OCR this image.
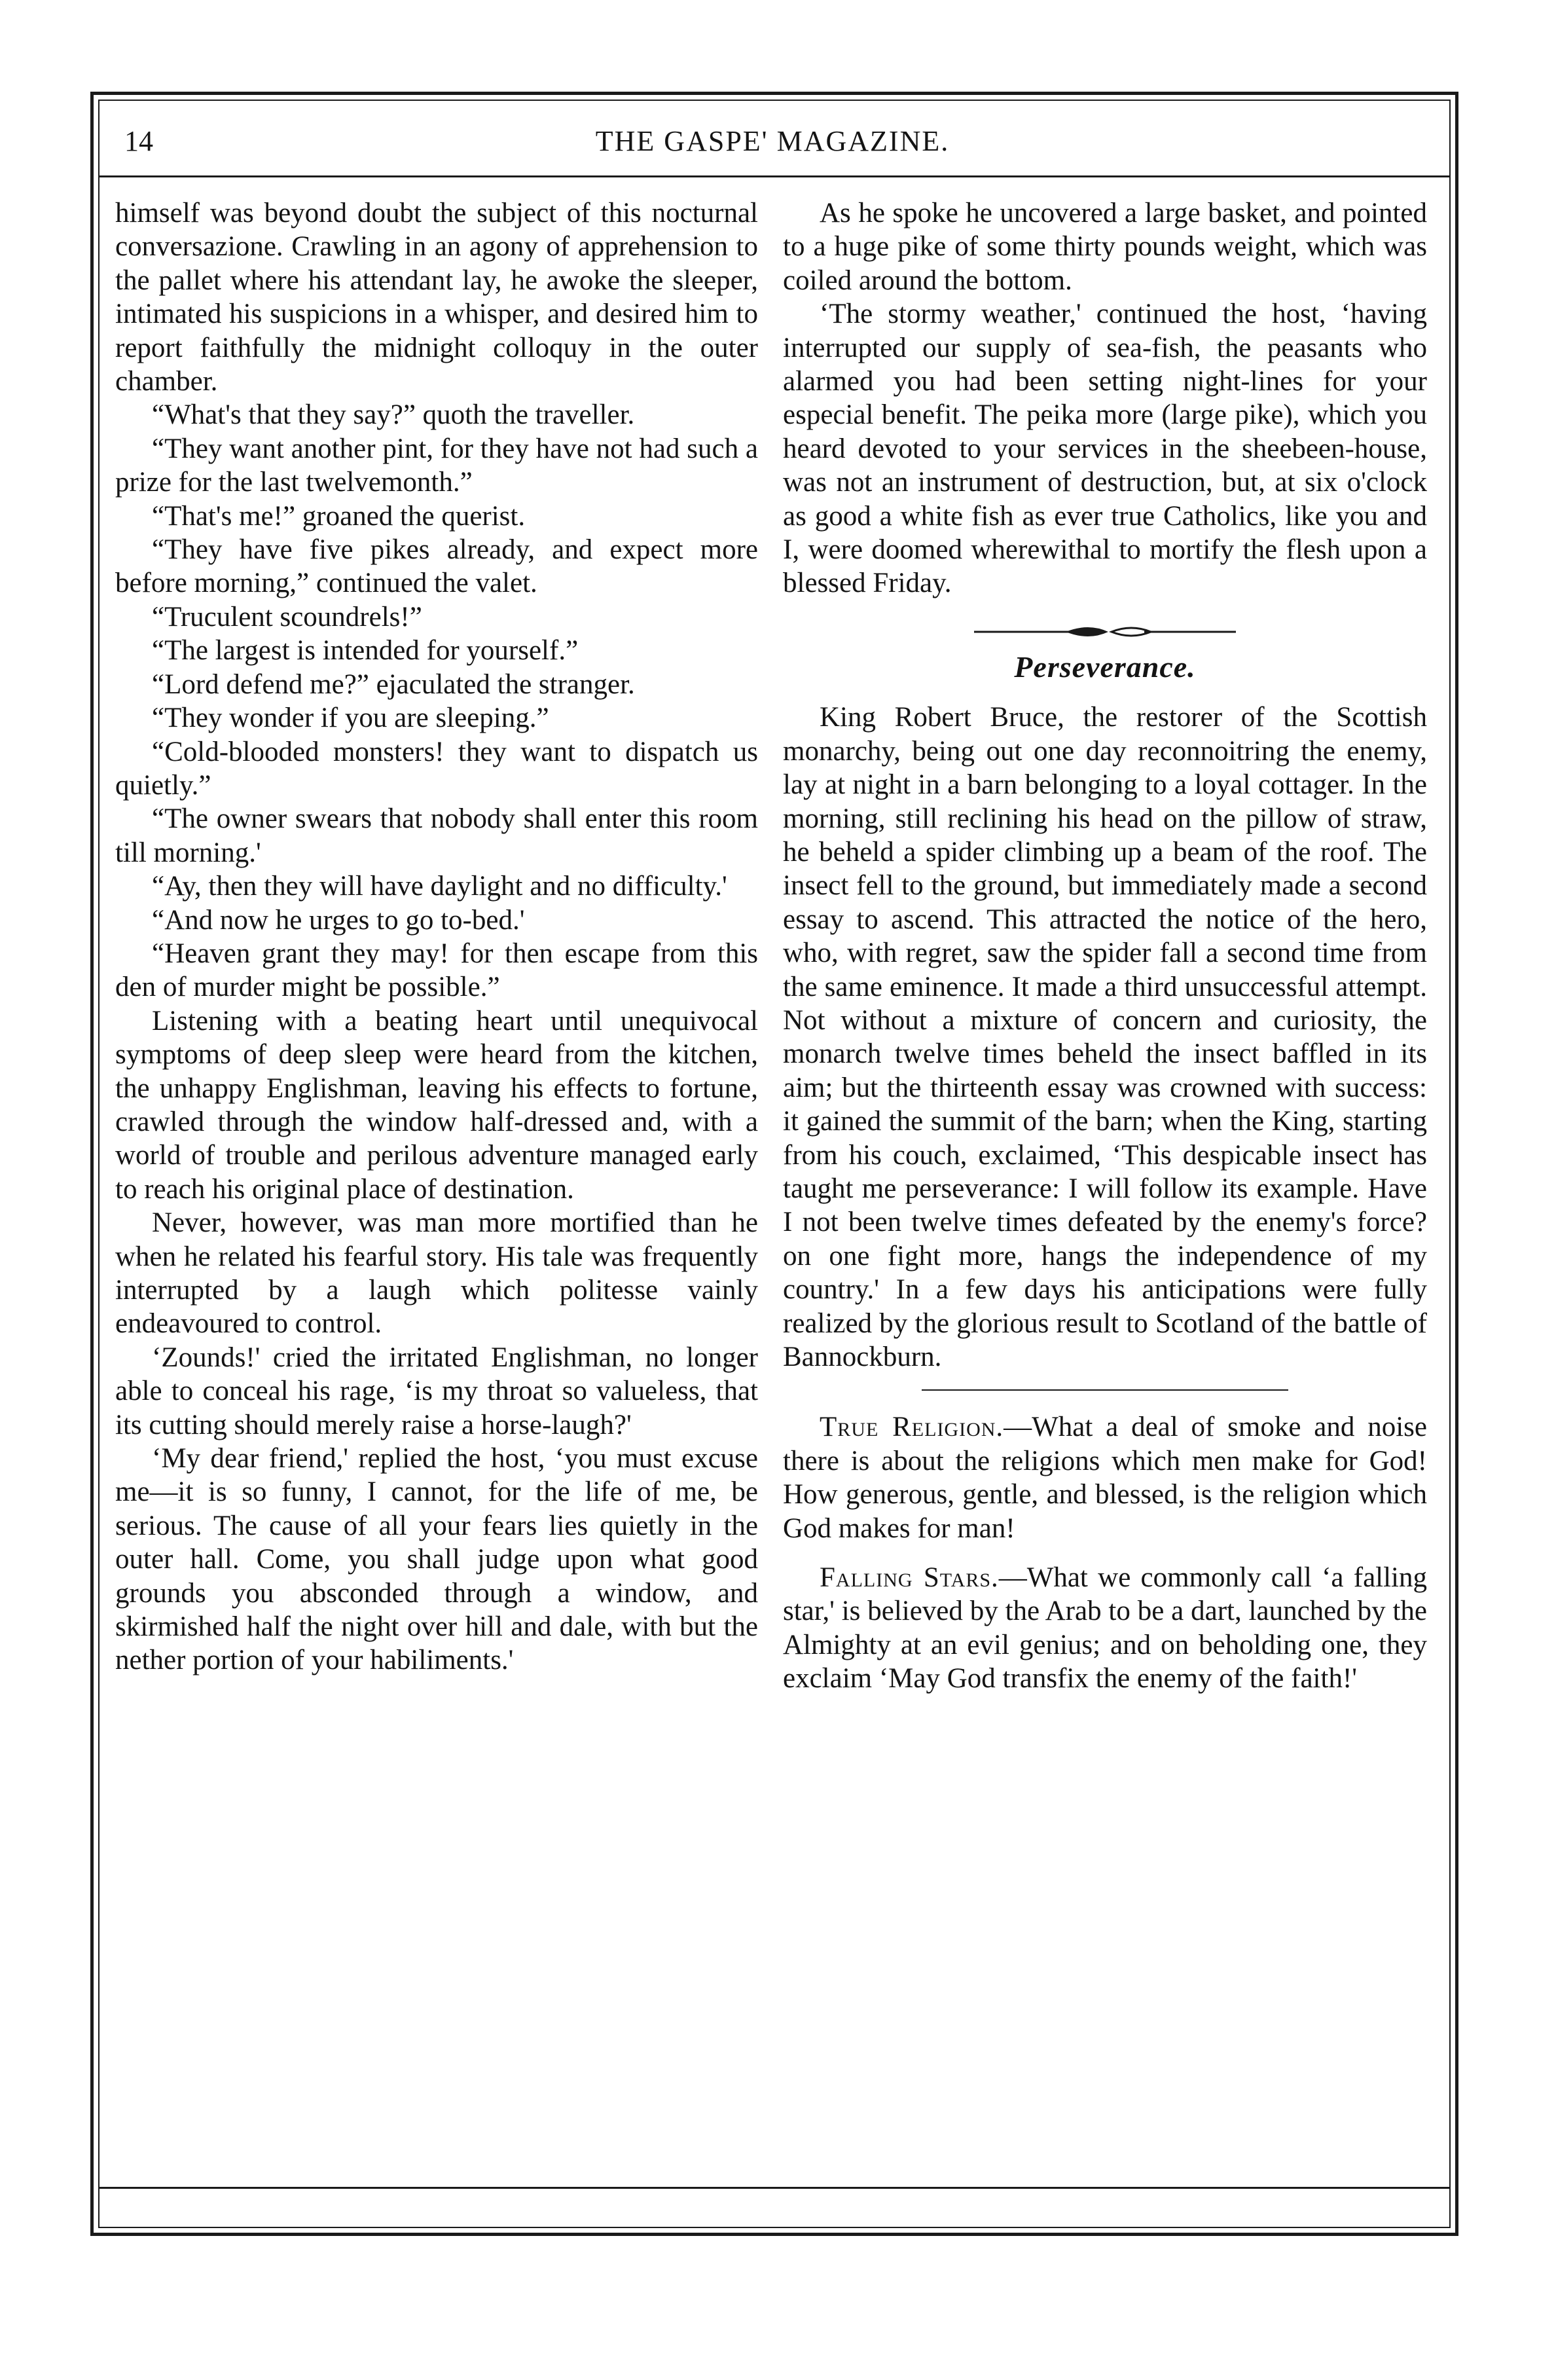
14	THE GASPE' MAGAZINE.

himself was beyond doubt the subject of this nocturnal conversazione. Crawling in an agony of apprehension to the pallet where his attendant lay, he awoke the sleeper, intimated his suspicions in a whisper, and desired him to report faithfully the midnight colloquy in the outer chamber.

“What's that they say?” quoth the traveller.

“They want another pint, for they have not had such a prize for the last twelvemonth.”

“That's me!” groaned the querist.

“They have five pikes already, and expect more before morning,” continued the valet.

“Truculent scoundrels!”

“The largest is intended for yourself.”

“Lord defend me?” ejaculated the stranger.

“They wonder if you are sleeping.”

“Cold-blooded monsters! they want to dispatch us quietly.”

“The owner swears that nobody shall enter this room till morning.'

“Ay, then they will have daylight and no difficulty.'

“And now he urges to go to-bed.'

“Heaven grant they may! for then escape from this den of murder might be possible.”

Listening with a beating heart until unequivocal symptoms of deep sleep were heard from the kitchen, the unhappy Englishman, leaving his effects to fortune, crawled through the window half-dressed and, with a world of trouble and perilous adventure managed early to reach his original place of destination.

Never, however, was man more mortified than he when he related his fearful story. His tale was frequently interrupted by a laugh which politesse vainly endeavoured to control.

‘Zounds!' cried the irritated Englishman, no longer able to conceal his rage, ‘is my throat so valueless, that its cutting should merely raise a horse-laugh?'

‘My dear friend,' replied the host, ‘you must excuse me—it is so funny, I cannot, for the life of me, be serious. The cause of all your fears lies quietly in the outer hall. Come, you shall judge upon what good grounds you absconded through a window, and skirmished half the night over hill and dale, with but the nether portion of your habiliments.'

As he spoke he uncovered a large basket, and pointed to a huge pike of some thirty pounds weight, which was coiled around the bottom.

‘The stormy weather,' continued the host, ‘having interrupted our supply of sea-fish, the peasants who alarmed you had been setting night-lines for your especial benefit. The peika more (large pike), which you heard devoted to your services in the sheebeen-house, was not an instrument of destruction, but, at six o'clock as good a white fish as ever true Catholics, like you and I, were doomed wherewithal to mortify the flesh upon a blessed Friday.

Perseverance.

King Robert Bruce, the restorer of the Scottish monarchy, being out one day reconnoitring the enemy, lay at night in a barn belonging to a loyal cottager. In the morning, still reclining his head on the pillow of straw, he beheld a spider climbing up a beam of the roof. The insect fell to the ground, but immediately made a second essay to ascend. This attracted the notice of the hero, who, with regret, saw the spider fall a second time from the same eminence. It made a third unsuccessful attempt. Not without a mixture of concern and curiosity, the monarch twelve times beheld the insect baffled in its aim; but the thirteenth essay was crowned with success: it gained the summit of the barn; when the King, starting from his couch, exclaimed, ‘This despicable insect has taught me perseverance: I will follow its example. Have I not been twelve times defeated by the enemy's force? on one fight more, hangs the independence of my country.' In a few days his anticipations were fully realized by the glorious result to Scotland of the battle of Bannockburn.

True Religion.—What a deal of smoke and noise there is about the religions which men make for God! How generous, gentle, and blessed, is the religion which God makes for man!

Falling Stars.—What we commonly call ‘a falling star,' is believed by the Arab to be a dart, launched by the Almighty at an evil genius; and on beholding one, they exclaim ‘May God transfix the enemy of the faith!'
